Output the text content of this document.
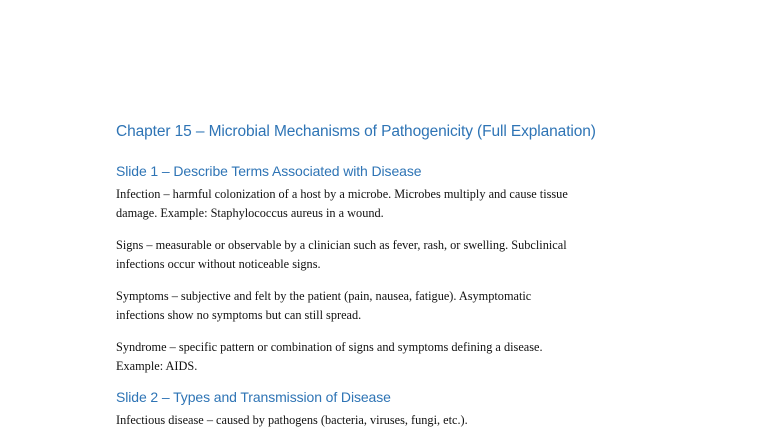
Chapter 15 – Microbial Mechanisms of Pathogenicity (Full Explanation)
Slide 1 – Describe Terms Associated with Disease
Infection – harmful colonization of a host by a microbe. Microbes multiply and cause tissue
damage. Example: Staphylococcus aureus in a wound.
Signs – measurable or observable by a clinician such as fever, rash, or swelling. Subclinical
infections occur without noticeable signs.
Symptoms – subjective and felt by the patient (pain, nausea, fatigue). Asymptomatic
infections show no symptoms but can still spread.
Syndrome – specific pattern or combination of signs and symptoms defining a disease.
Example: AIDS.
Slide 2 – Types and Transmission of Disease
Infectious disease – caused by pathogens (bacteria, viruses, fungi, etc.).
